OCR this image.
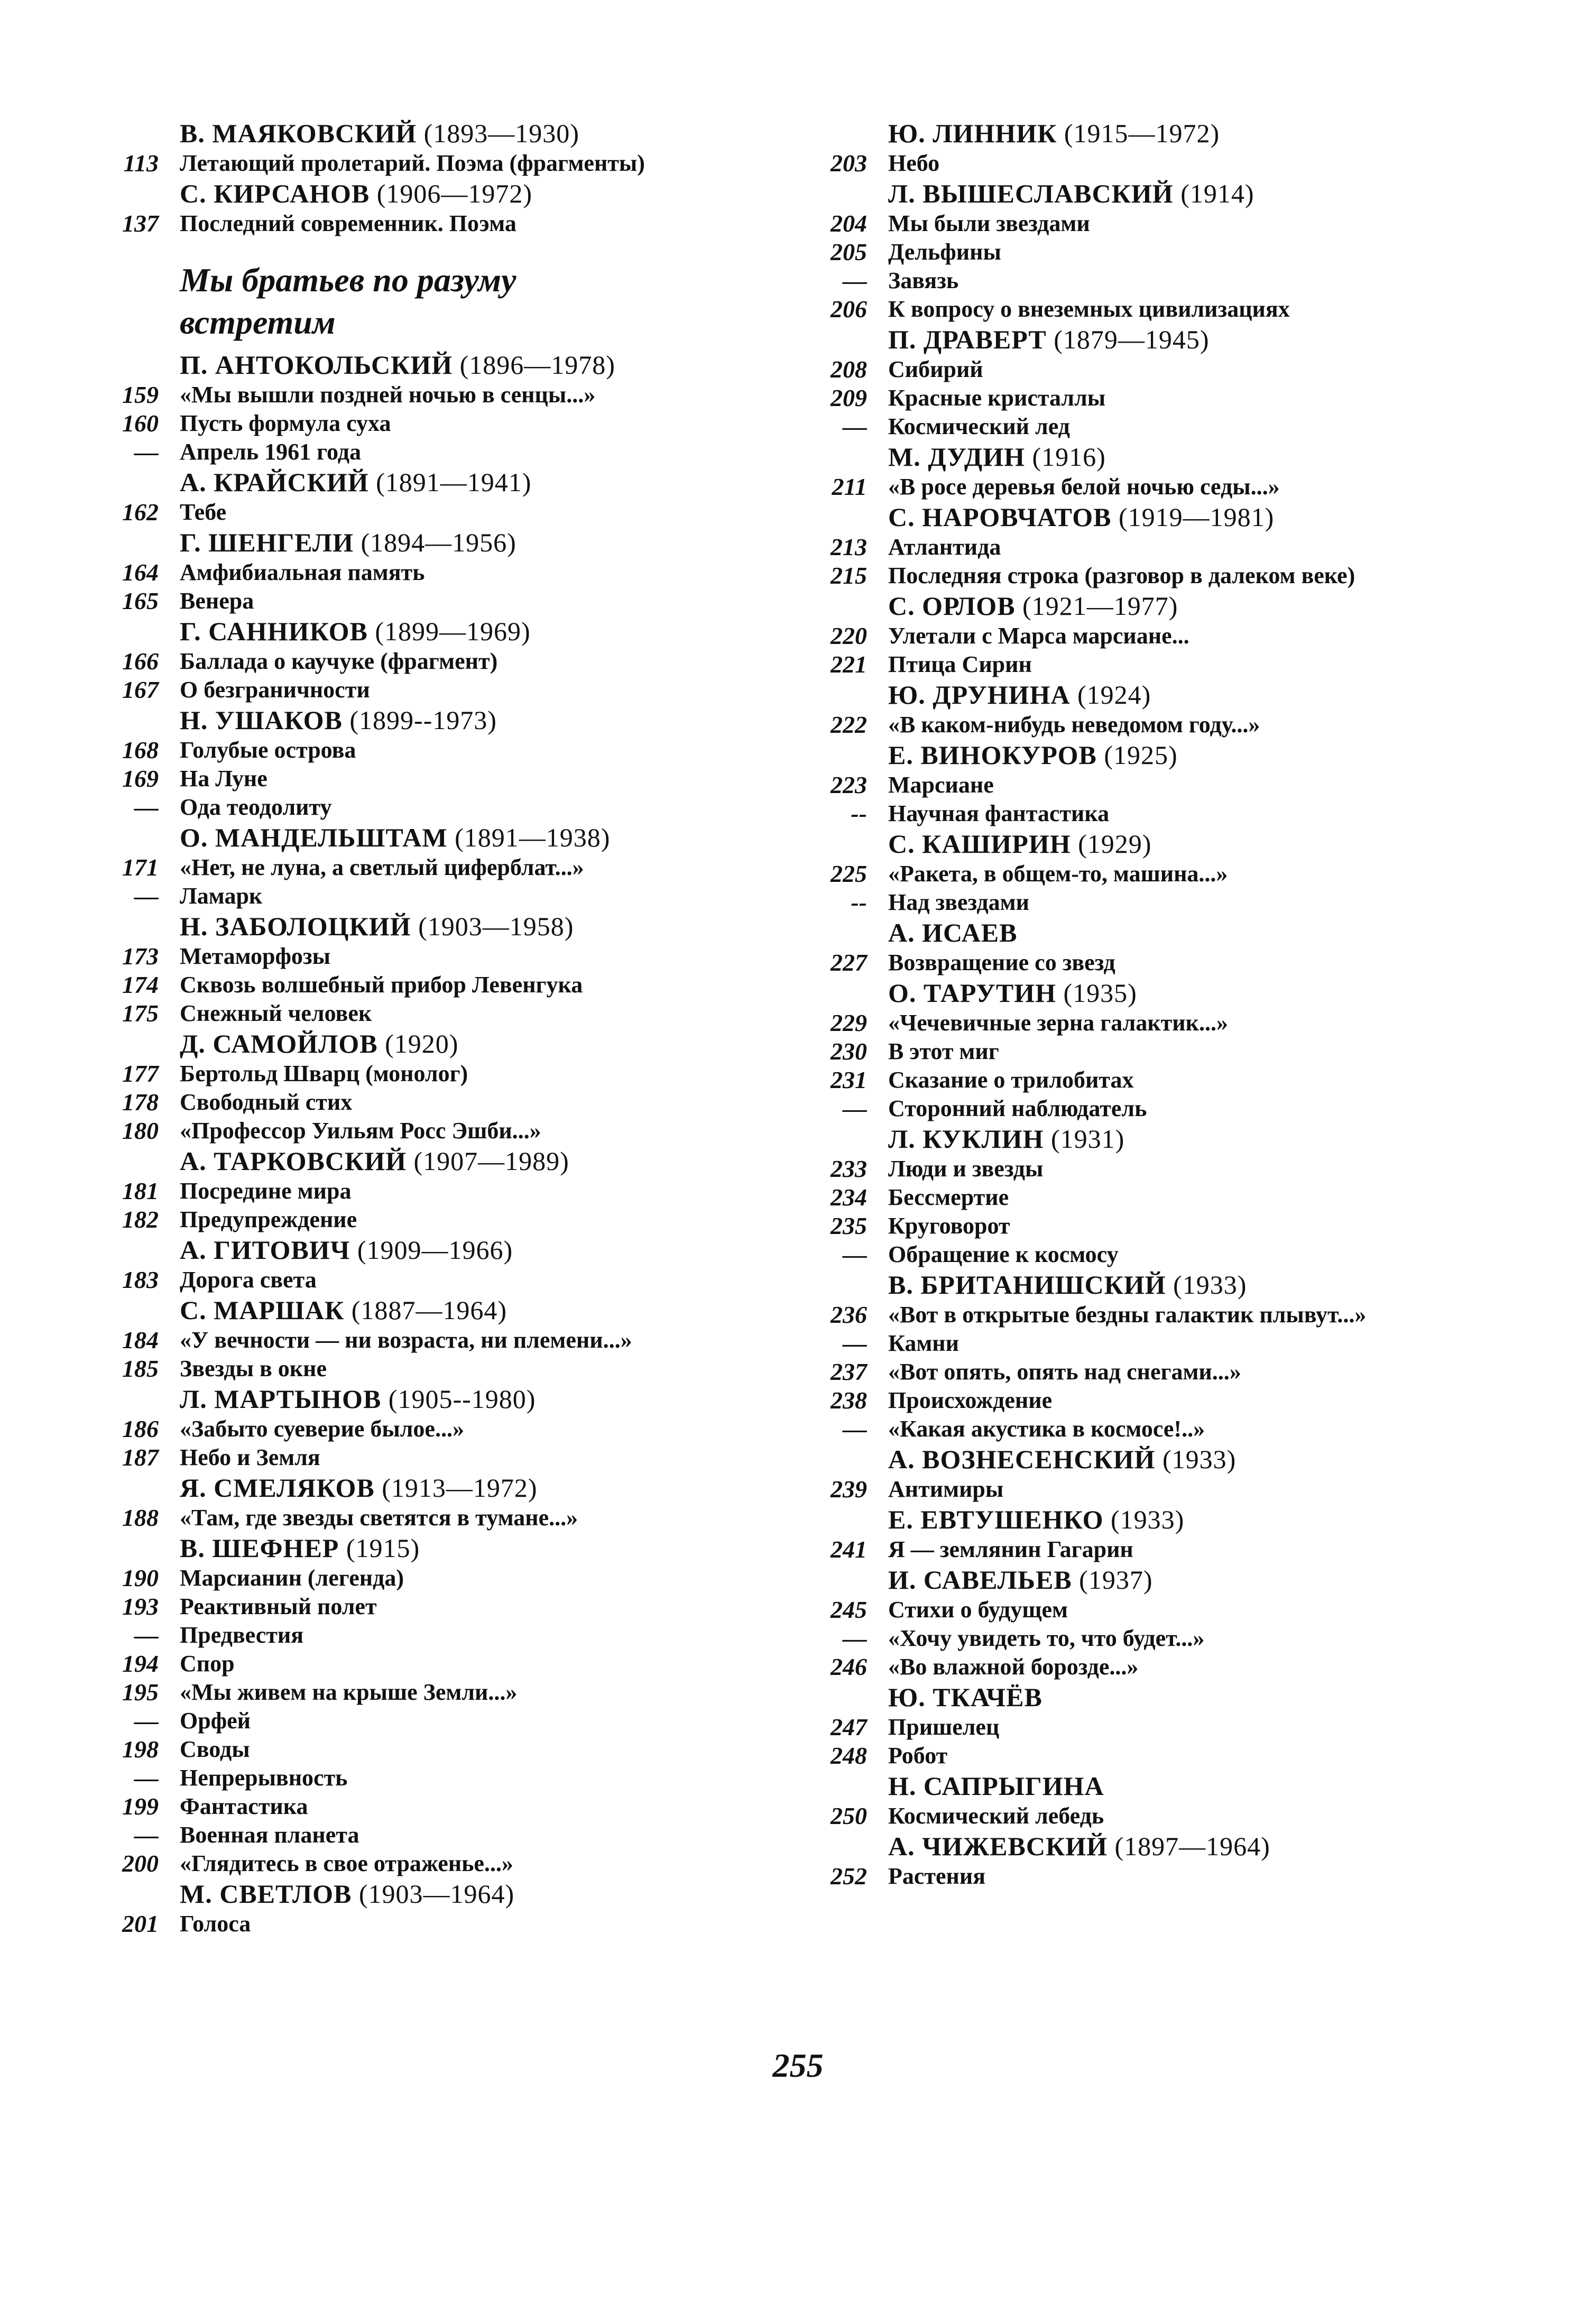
В. МАЯКОВСКИЙ (1893—1930)
113 Летающий пролетарий. Поэма (фрагменты)
С. КИРСАНОВ (1906—1972)
137 Последний современник. Поэма
Мы братьев по разуму встретим
П. АНТОКОЛЬСКИЙ (1896—1978)
159 «Мы вышли поздней ночью в сенцы...»
160 Пусть формула суха
— Апрель 1961 года
А. КРАЙСКИЙ (1891—1941)
162 Тебе
Г. ШЕНГЕЛИ (1894—1956)
164 Амфибиальная память
165 Венера
Г. САННИКОВ (1899—1969)
166 Баллада о каучуке (фрагмент)
167 О безграничности
Н. УШАКОВ (1899--1973)
168 Голубые острова
169 На Луне
— Ода теодолиту
О. МАНДЕЛЬШТАМ (1891—1938)
171 «Нет, не луна, а светлый циферблат...»
— Ламарк
Н. ЗАБОЛОЦКИЙ (1903—1958)
173 Метаморфозы
174 Сквозь волшебный прибор Левенгука
175 Снежный человек
Д. САМОЙЛОВ (1920)
177 Бертольд Шварц (монолог)
178 Свободный стих
180 «Профессор Уильям Росс Эшби...»
А. ТАРКОВСКИЙ (1907—1989)
181 Посредине мира
182 Предупреждение
А. ГИТОВИЧ (1909—1966)
183 Дорога света
С. МАРШАК (1887—1964)
184 «У вечности — ни возраста, ни племени...»
185 Звезды в окне
Л. МАРТЫНОВ (1905--1980)
186 «Забыто суеверие былое...»
187 Небо и Земля
Я. СМЕЛЯКОВ (1913—1972)
188 «Там, где звезды светятся в тумане...»
В. ШЕФНЕР (1915)
190 Марсианин (легенда)
193 Реактивный полет
— Предвестия
194 Спор
195 «Мы живем на крыше Земли...»
— Орфей
198 Своды
— Непрерывность
199 Фантастика
— Военная планета
200 «Глядитесь в свое отраженье...»
М. СВЕТЛОВ (1903—1964)
201 Голоса
Ю. ЛИННИК (1915—1972)
203 Небо
Л. ВЫШЕСЛАВСКИЙ (1914)
204 Мы были звездами
205 Дельфины
— Завязь
206 К вопросу о внеземных цивилизациях
П. ДРАВЕРТ (1879—1945)
208 Сибирий
209 Красные кристаллы
— Космический лед
М. ДУДИН (1916)
211 «В росе деревья белой ночью седы...»
С. НАРОВЧАТОВ (1919—1981)
213 Атлантида
215 Последняя строка (разговор в далеком веке)
С. ОРЛОВ (1921—1977)
220 Улетали с Марса марсиане...
221 Птица Сирин
Ю. ДРУНИНА (1924)
222 «В каком-нибудь неведомом году...»
Е. ВИНОКУРОВ (1925)
223 Марсиане
-- Научная фантастика
С. КАШИРИН (1929)
225 «Ракета, в общем-то, машина...»
-- Над звездами
А. ИСАЕВ
227 Возвращение со звезд
О. ТАРУТИН (1935)
229 «Чечевичные зерна галактик...»
230 В этот миг
231 Сказание о трилобитах
— Сторонний наблюдатель
Л. КУКЛИН (1931)
233 Люди и звезды
234 Бессмертие
235 Круговорот
— Обращение к космосу
В. БРИТАНИШСКИЙ (1933)
236 «Вот в открытые бездны галактик плывут...»
— Камни
237 «Вот опять, опять над снегами...»
238 Происхождение
— «Какая акустика в космосе!..»
А. ВОЗНЕСЕНСКИЙ (1933)
239 Антимиры
Е. ЕВТУШЕНКО (1933)
241 Я — землянин Гагарин
И. САВЕЛЬЕВ (1937)
245 Стихи о будущем
— «Хочу увидеть то, что будет...»
246 «Во влажной борозде...»
Ю. ТКАЧЁВ
247 Пришелец
248 Робот
Н. САПРЫГИНА
250 Космический лебедь
А. ЧИЖЕВСКИЙ (1897—1964)
252 Растения
255
